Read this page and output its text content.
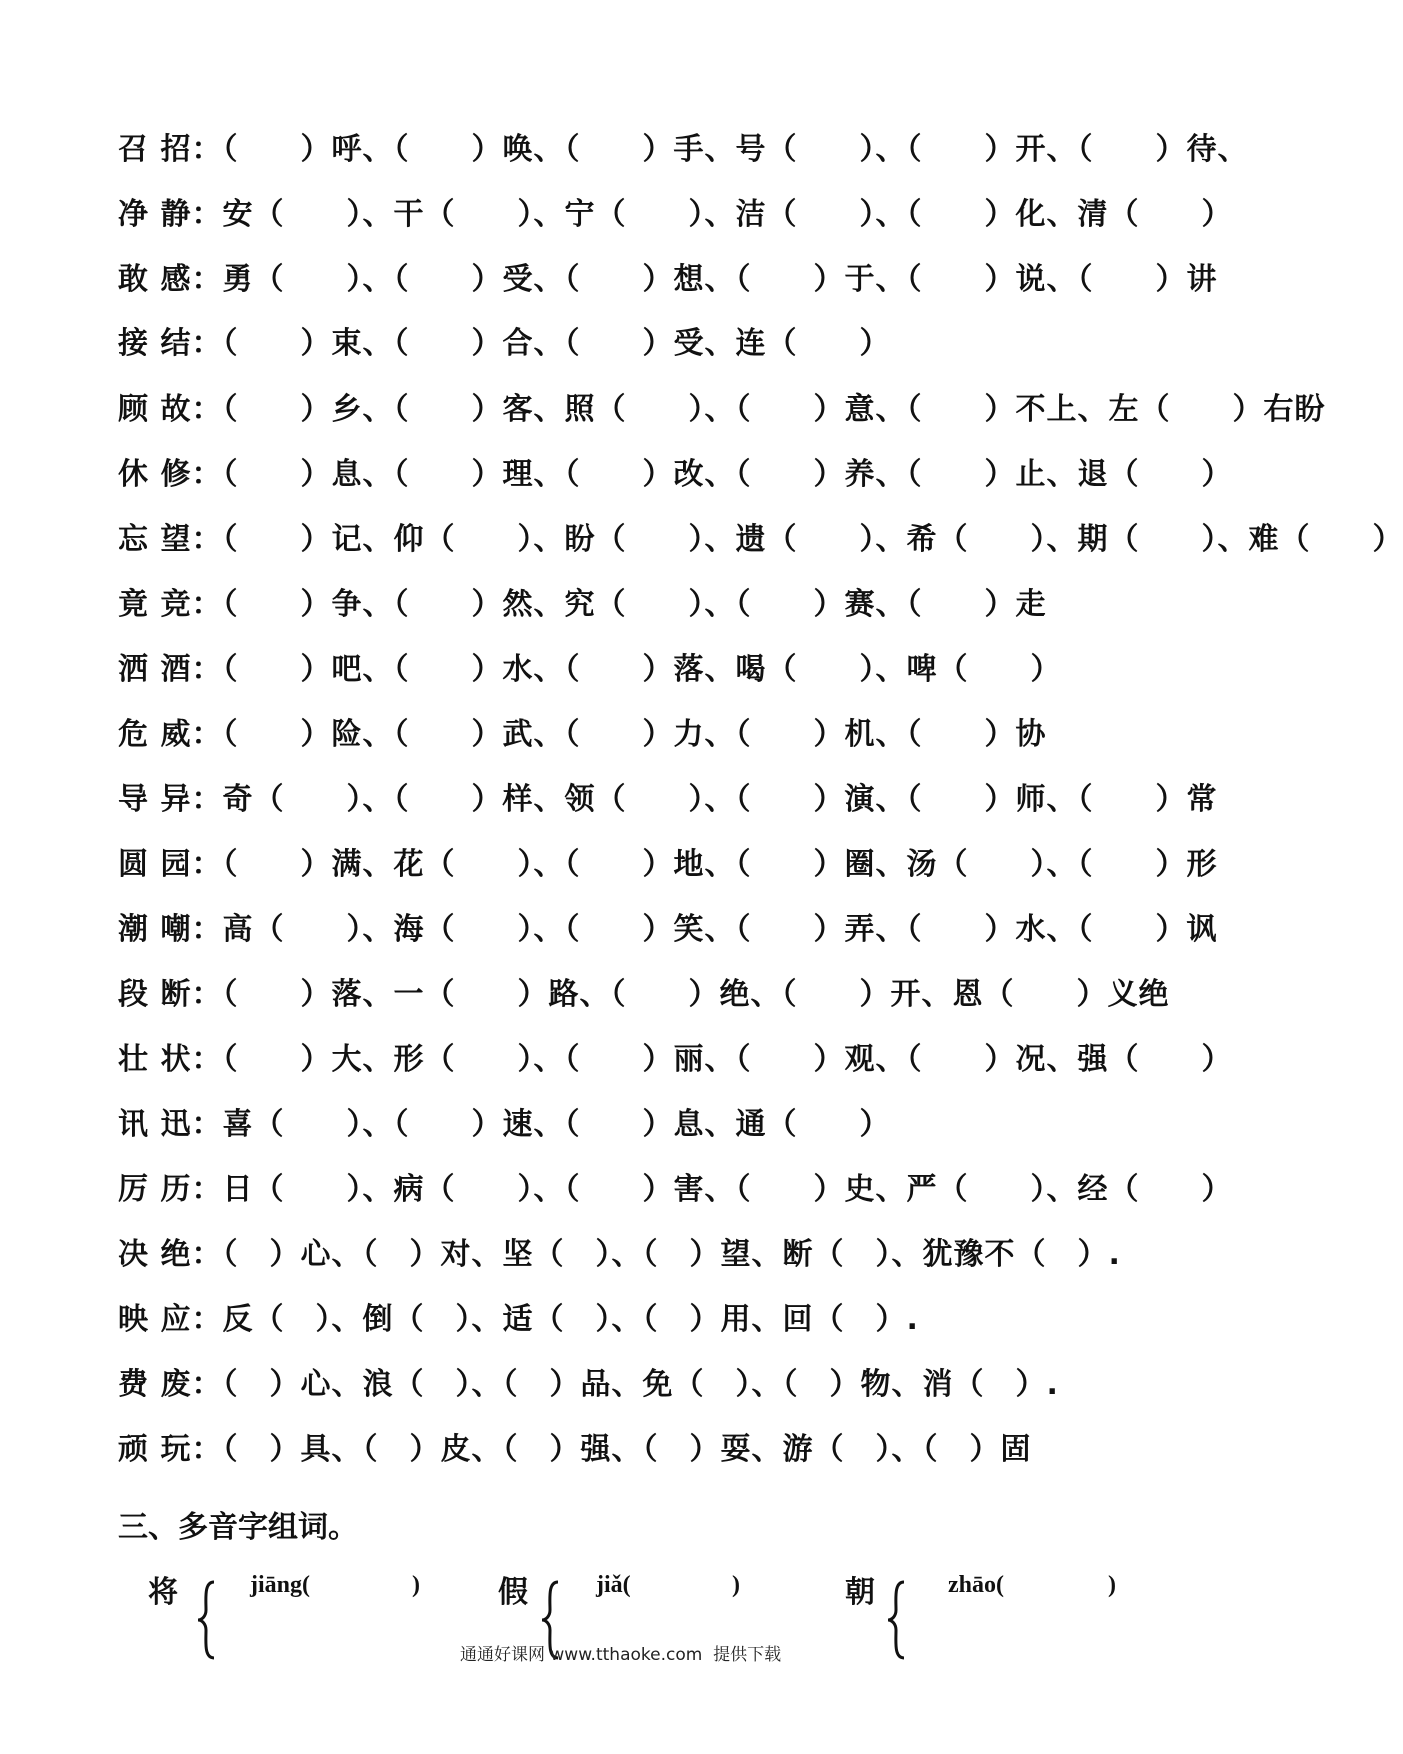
召 招：（　　）呼、（　　）唤、（　　）手、号（　　）、（　　）开、（　　）待、
净 静：安（　　）、干（　　）、宁（　　）、洁（　　）、（　　）化、清（　　）
敢 感：勇（　　）、（　　）受、（　　）想、（　　）于、（　　）说、（　　）讲
接 结：（　　）束、（　　）合、（　　）受、连（　　）
顾 故：（　　）乡、（　　）客、照（　　）、（　　）意、（　　）不上、左（　　）右盼
休 修：（　　）息、（　　）理、（　　）改、（　　）养、（　　）止、退（　　）
忘 望：（　　）记、仰（　　）、盼（　　）、遗（　　）、希（　　）、期（　　）、难（　　）
竟 竞：（　　）争、（　　）然、究（　　）、（　　）赛、（　　）走
洒 酒：（　　）吧、（　　）水、（　　）落、喝（　　）、啤（　　）
危 威：（　　）险、（　　）武、（　　）力、（　　）机、（　　）协
导 异：奇（　　）、（　　）样、领（　　）、（　　）演、（　　）师、（　　）常
圆 园：（　　）满、花（　　）、（　　）地、（　　）圈、汤（　　）、（　　）形
潮 嘲：高（　　）、海（　　）、（　　）笑、（　　）弄、（　　）水、（　　）讽
段 断：（　　）落、一（　　）路、（　　）绝、（　　）开、恩（　　）义绝
壮 状：（　　）大、形（　　）、（　　）丽、（　　）观、（　　）况、强（　　）
讯 迅：喜（　　）、（　　）速、（　　）息、通（　　）
厉 历：日（　　）、病（　　）、（　　）害、（　　）史、严（　　）、经（　　）
决 绝：（　）心、（　）对、坚（　）、（　）望、断（　）、犹豫不（　）.
映 应：反（　）、倒（　）、适（　）、（　）用、回（　）.
费 废：（　）心、浪（　）、（　）品、免（　）、（　）物、消（　）.
顽 玩：（　）具、（　）皮、（　）强、（　）耍、游（　）、（　）固
三、多音字组词。
将	jiāng(	)	假	jiǎ(	)	朝	zhāo(	)
通通好课网 www.tthaoke.com  提供下载
